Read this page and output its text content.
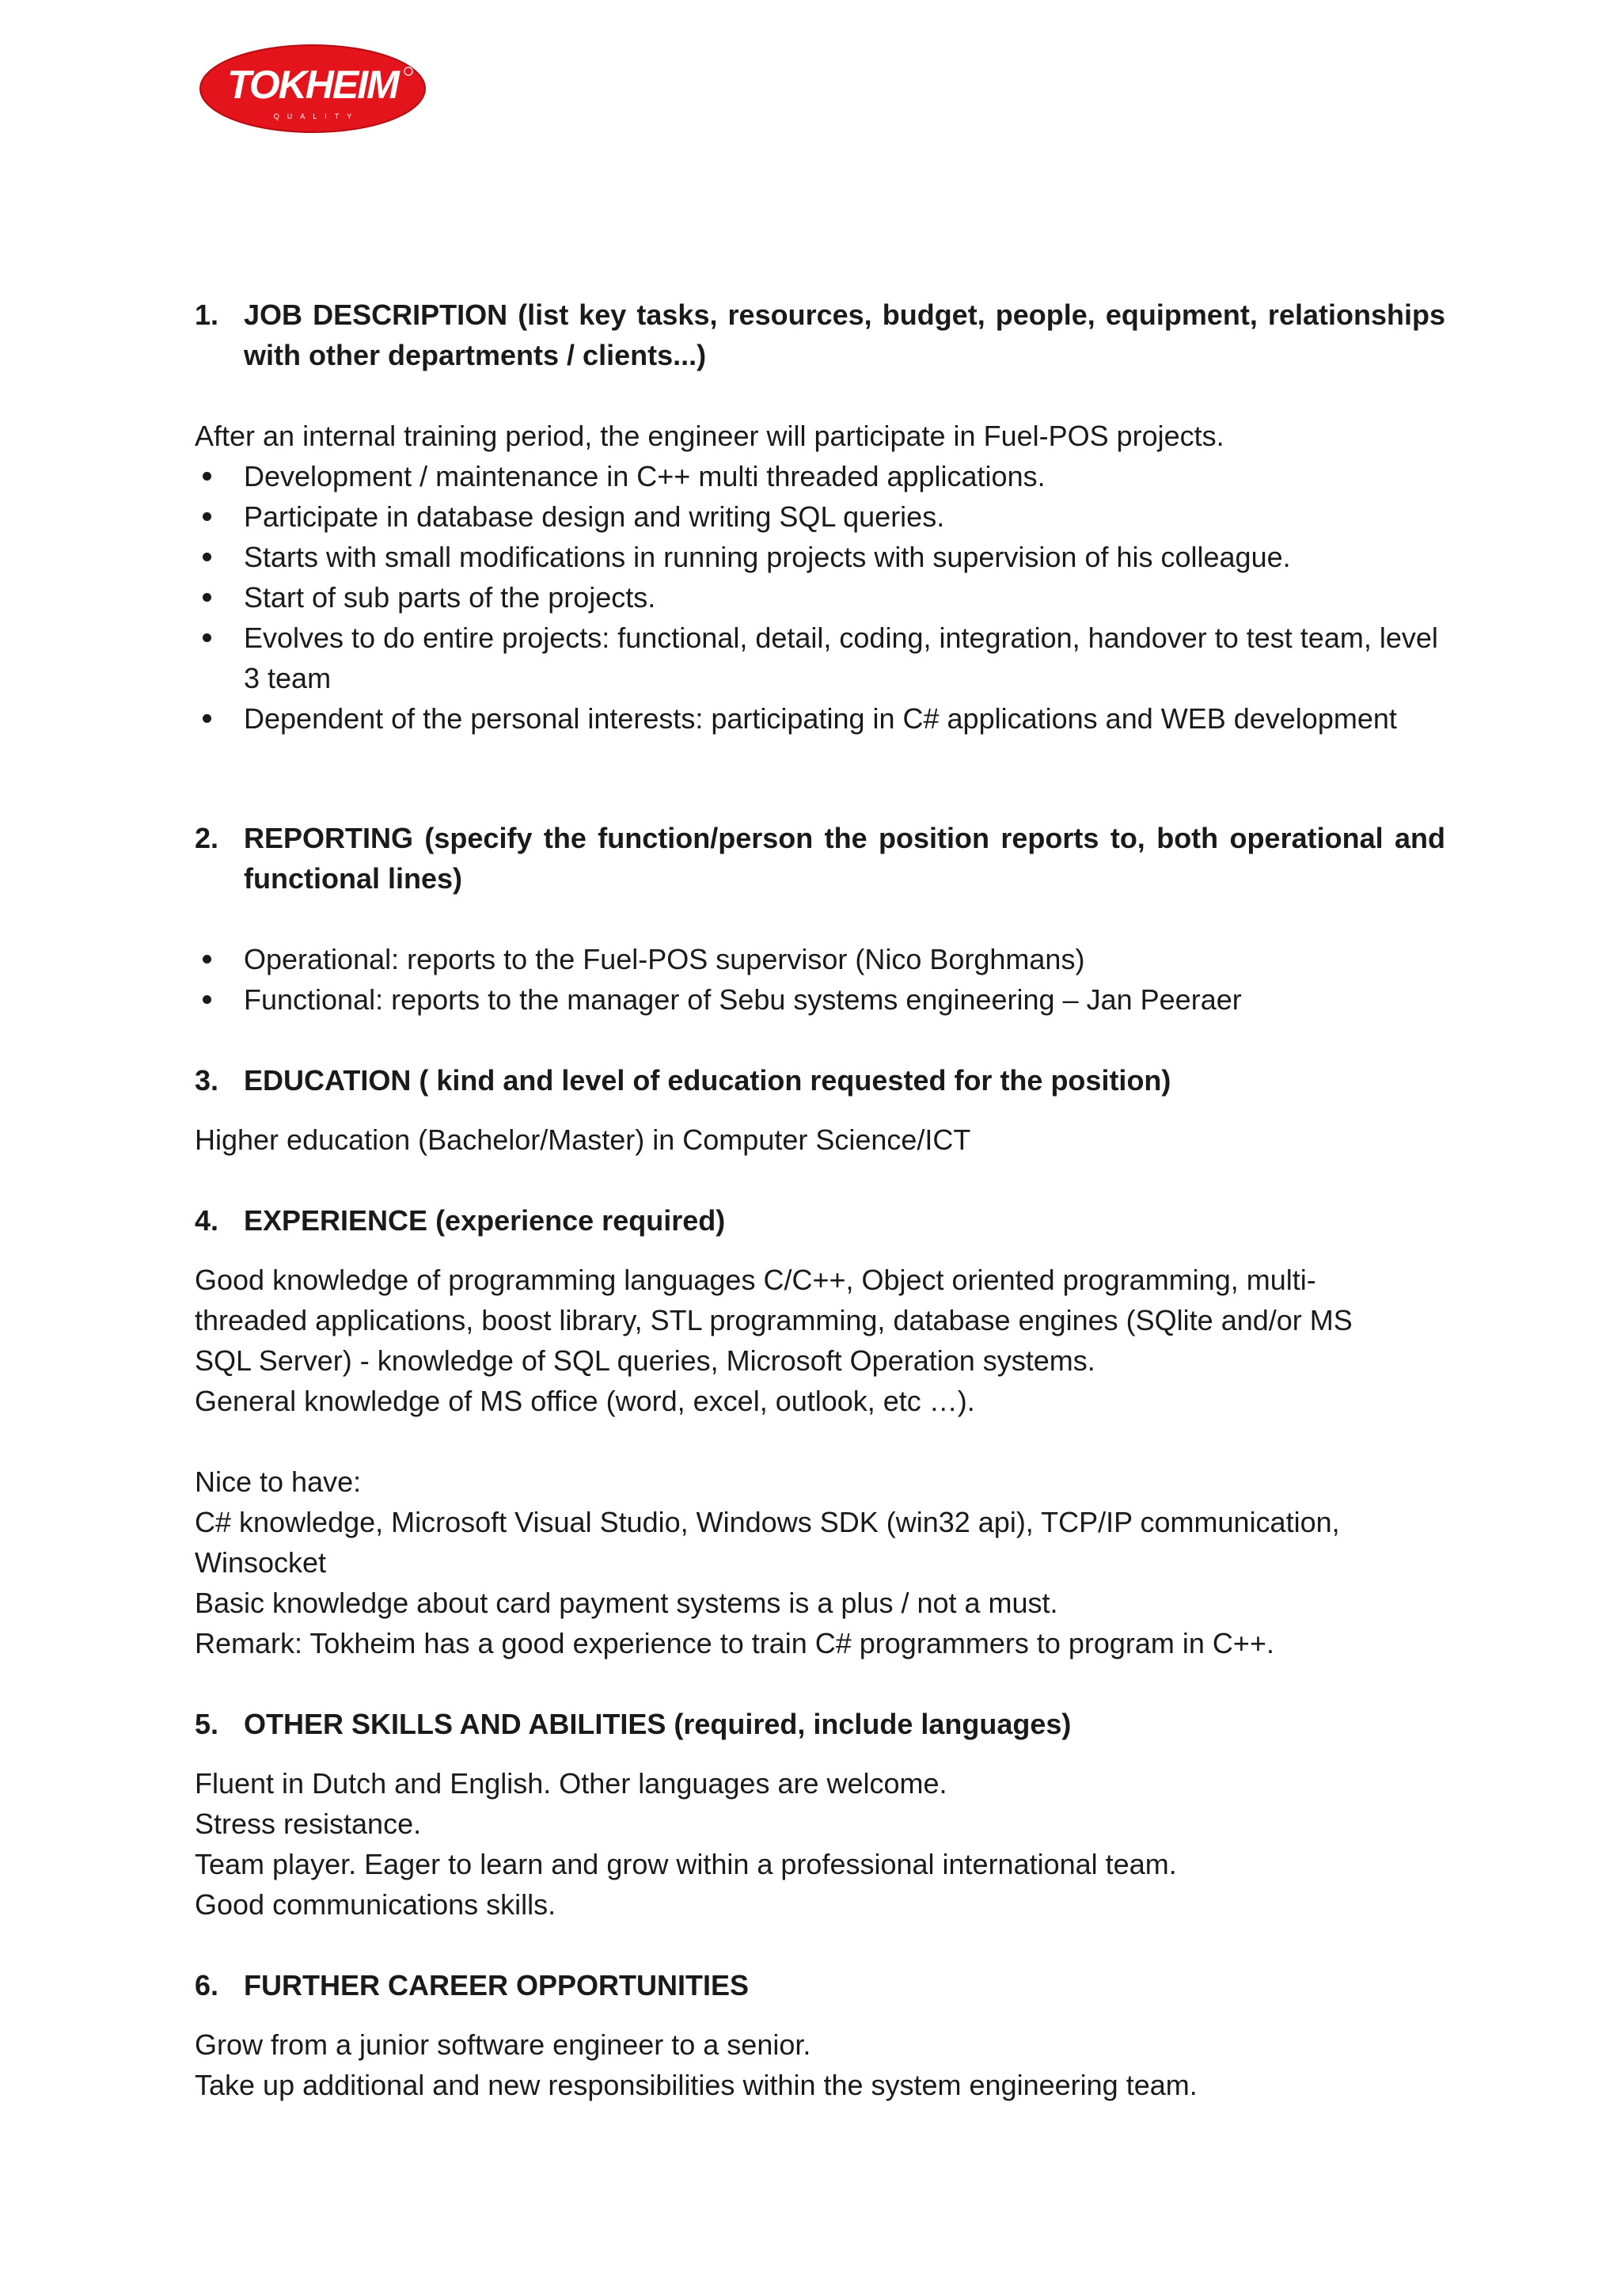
TOKHEIM
QUALITY
1. JOB DESCRIPTION (list key tasks, resources, budget, people, equipment, relationships with other departments / clients...)

After an internal training period, the engineer will participate in Fuel-POS projects.

Development / maintenance in C++ multi threaded applications.
Participate in database design and writing SQL queries.
Starts with small modifications in running projects with supervision of his colleague.
Start of sub parts of the projects.
Evolves to do entire projects: functional, detail, coding, integration, handover to test team, level 3 team
Dependent of the personal interests: participating in C# applications and WEB development
2. REPORTING (specify the function/person the position reports to, both operational and functional lines)
Operational: reports to the Fuel-POS supervisor (Nico Borghmans)
Functional: reports to the manager of Sebu systems engineering – Jan Peeraer
3. EDUCATION ( kind and level of education requested for the position)

Higher education (Bachelor/Master) in Computer Science/ICT

4. EXPERIENCE (experience required)

Good knowledge of programming languages C/C++, Object oriented programming, multi-

threaded applications, boost library, STL programming, database engines (SQlite and/or MS

SQL Server) - knowledge of SQL queries, Microsoft Operation systems.

General knowledge of MS office (word, excel, outlook, etc …).

Nice to have:

C# knowledge, Microsoft Visual Studio, Windows SDK (win32 api), TCP/IP communication,

Winsocket

Basic knowledge about card payment systems is a plus / not a must.

Remark: Tokheim has a good experience to train C# programmers to program in C++.

5. OTHER SKILLS AND ABILITIES (required, include languages)

Fluent in Dutch and English. Other languages are welcome.

Stress resistance.

Team player. Eager to learn and grow within a professional international team.

Good communications skills.

6. FURTHER CAREER OPPORTUNITIES

Grow from a junior software engineer to a senior.

Take up additional and new responsibilities within the system engineering team.
